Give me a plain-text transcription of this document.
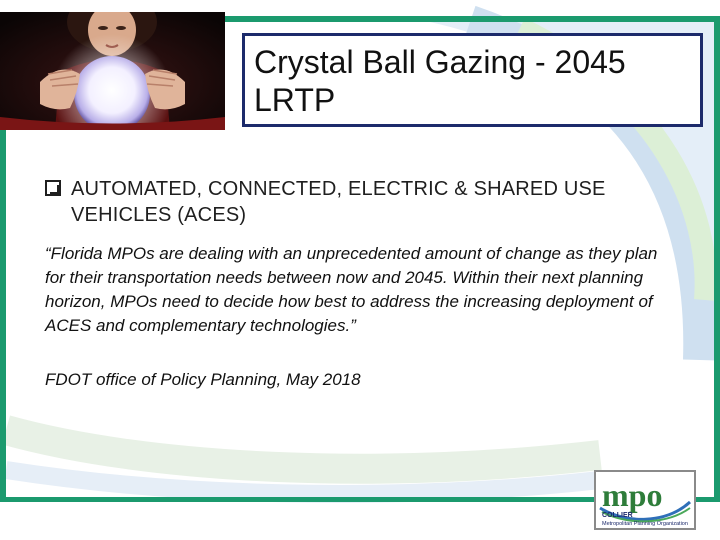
Crystal Ball Gazing - 2045 LRTP
AUTOMATED, CONNECTED, ELECTRIC & SHARED USE VEHICLES (ACES)
“Florida MPOs are dealing with an unprecedented amount of change as they plan for their transportation needs between now and 2045. Within their next planning horizon, MPOs need to decide how best to address the increasing deployment of ACES and complementary technologies.”
FDOT office of Policy Planning, May 2018
mpo
COLLIER
Metropolitan Planning Organization
